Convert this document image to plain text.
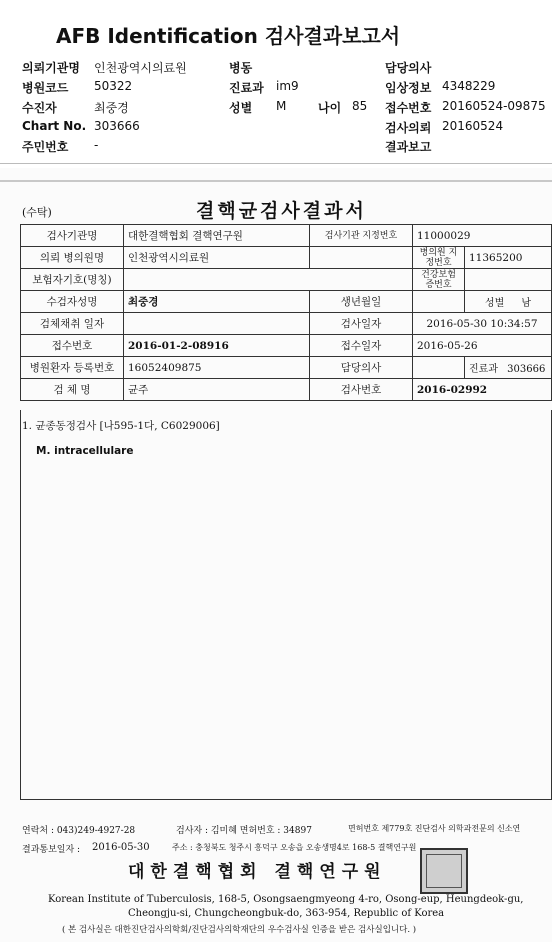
AFB Identification 검사결과보고서
의뢰기관명 인천광역시의료원
병원코드 50322
수진자	최중경
Chart No. 303666
주민번호 -
병동
진료과 im9
성별 M	나이 85
담당의사
임상정보 4348229
접수번호 20160524-09875
검사의뢰 20160524
결과보고
(수탁)	결핵균검사결과서
검사기관명	대한결핵협회 결핵연구원	검사기관 지정번호	11000029	
의뢰 병의원명	인천광역시의료원		병의원 지정번호	11365200
보험자기호(명칭)			건강보험 증번호	
수검자성명	최중경	생년월일		성별 남
검체채취 일자		검사일자	2016-05-30 10:34:57	
접수번호	2016-01-2-08916	접수일자	2016-05-26	
병원환자 등록번호	16052409875	담당의사		진료과 303666
검 체 명	균주	검사번호	2016-02992	
1. 균종동정검사 [나595-1다, C6029006]
M. intracellulare
연락처 : 043)249-4927-28	검사자 : 김미혜 면허번호 : 34897	면허번호 제779호 진단검사 의학과전문의 신소연
결과통보일자 : 2016-05-30	주소 : 충청북도 청주시 흥덕구 오송읍 오송생명4로 168-5 결핵연구원
대한결핵협회 결핵연구원
Korean Institute of Tuberculosis, 168-5, Osongsaengmyeong 4-ro, Osong-eup, Heungdeok-gu,
Cheongju-si, Chungcheongbuk-do, 363-954, Republic of Korea
( 본 검사실은 대한진단검사의학회/진단검사의학재단의 우수검사실 인증을 받은 검사실입니다. )
